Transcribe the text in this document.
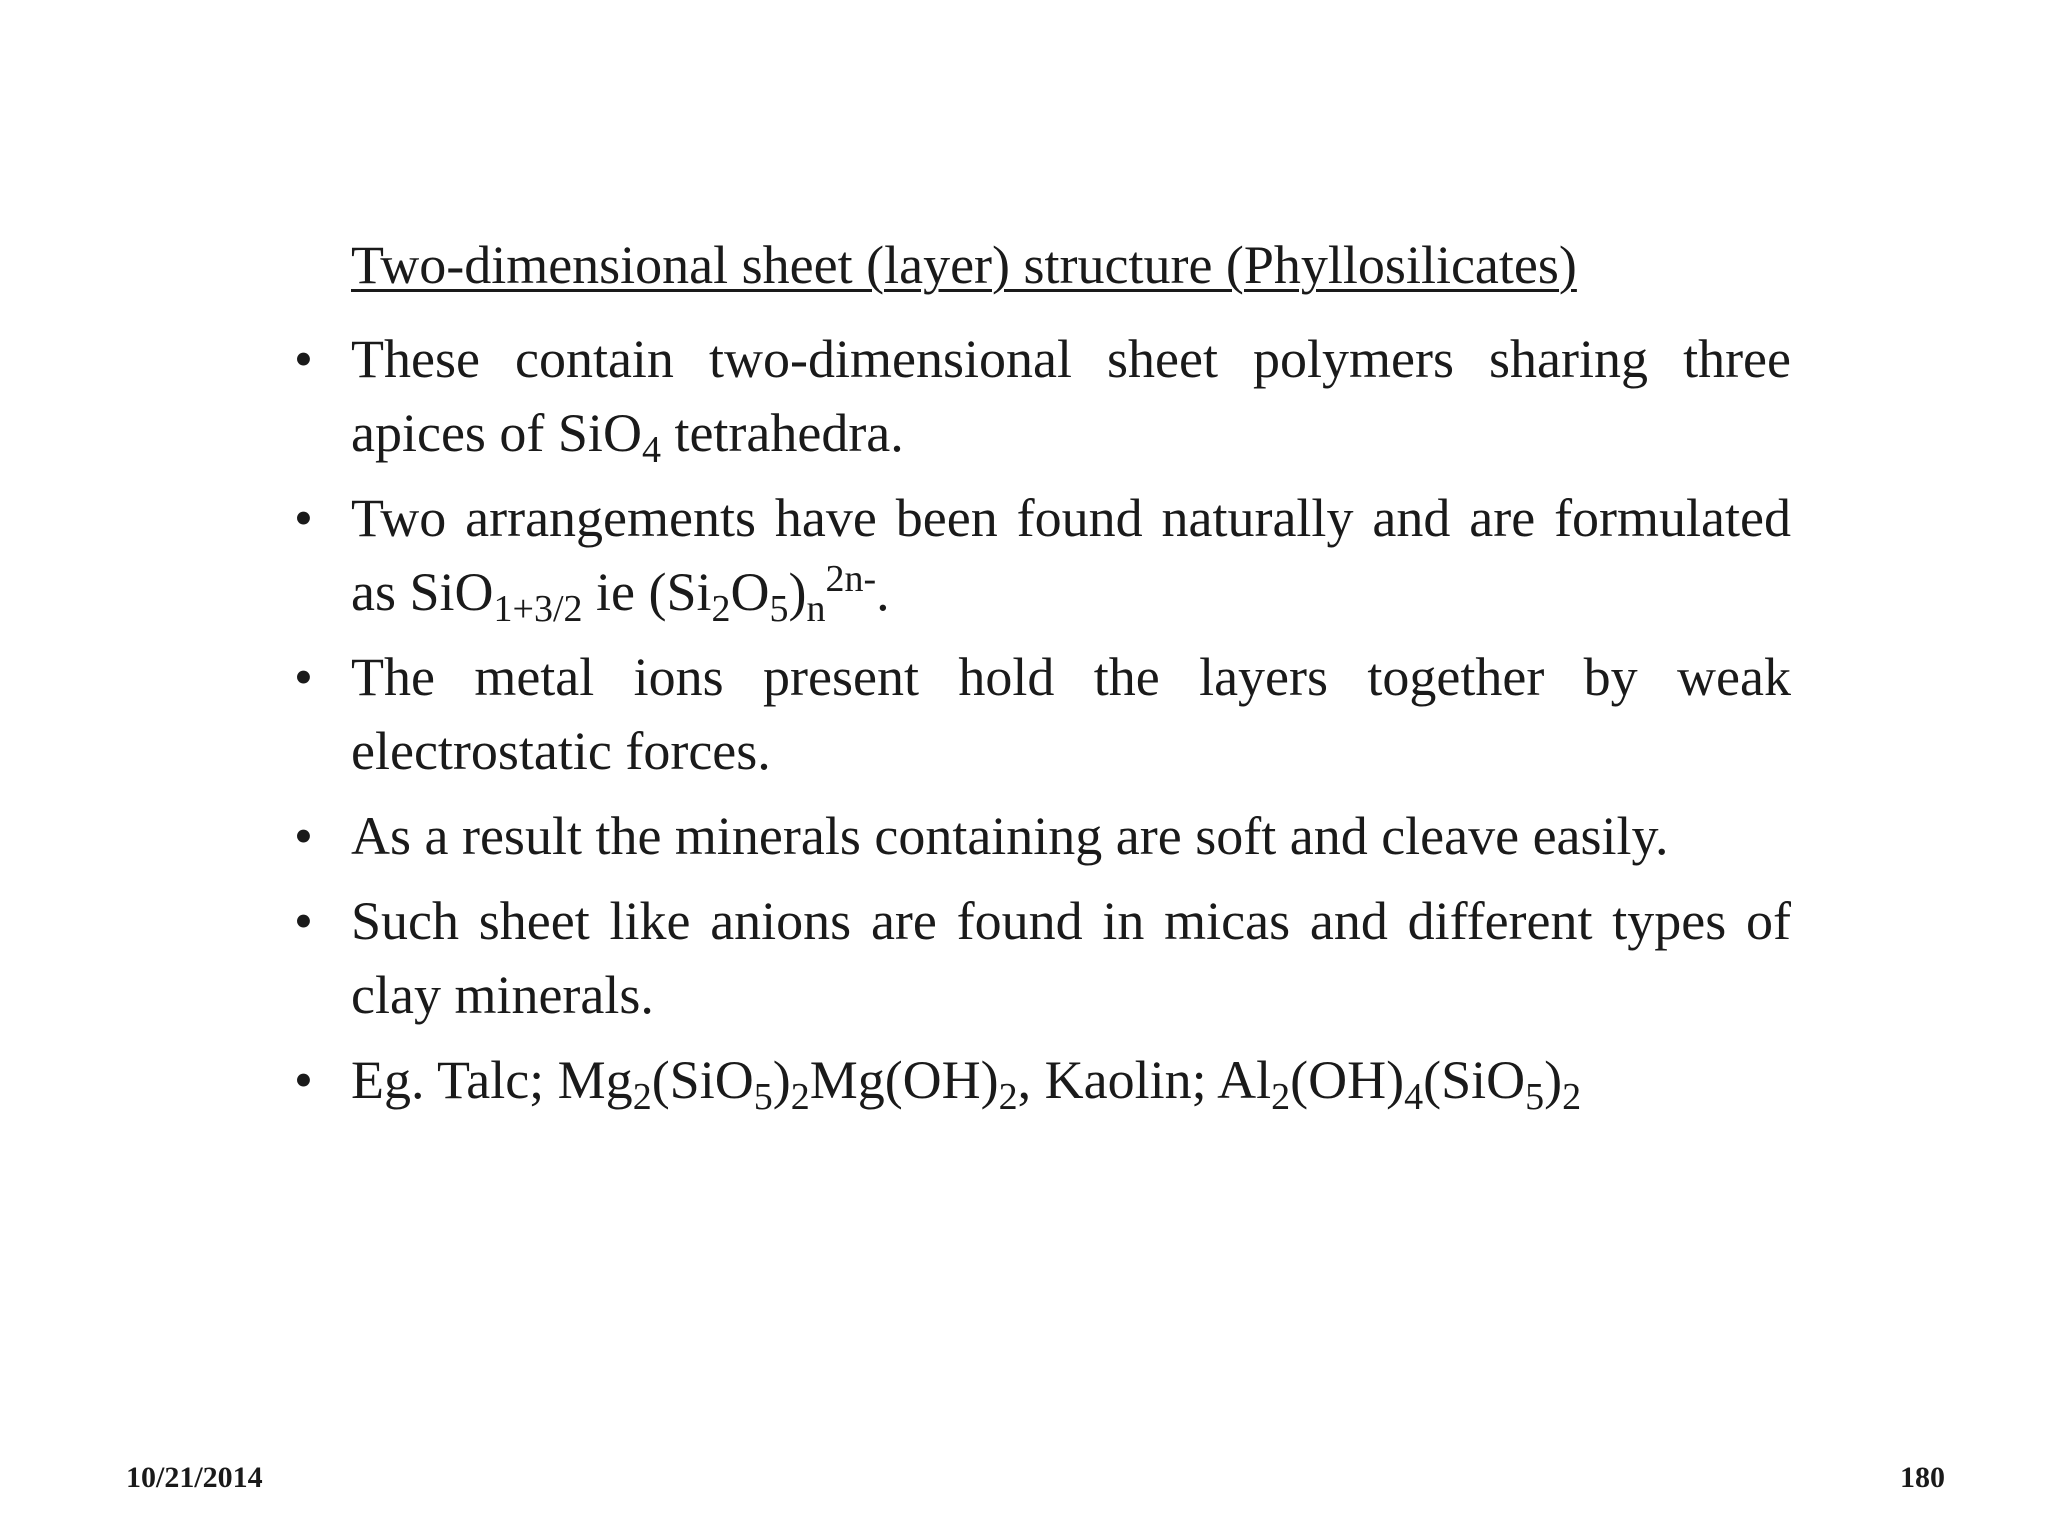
Two-dimensional sheet (layer) structure (Phyllosilicates)
• These contain two-dimensional sheet polymers sharing three apices of SiO$_4$ tetrahedra.
• Two arrangements have been found naturally and are formulated as SiO$_{1+3/2}$ ie $(Si_2O_5)_n^{2n-}$.
• The metal ions present hold the layers together by weak electrostatic forces.
• As a result the minerals containing are soft and cleave easily.
• Such sheet like anions are found in micas and different types of clay minerals.
• Eg. Talc; $Mg_2(SiO_5)_2Mg(OH)_2$, Kaolin; $Al_2(OH)_4(SiO_5)_2$
10/21/2014	180
